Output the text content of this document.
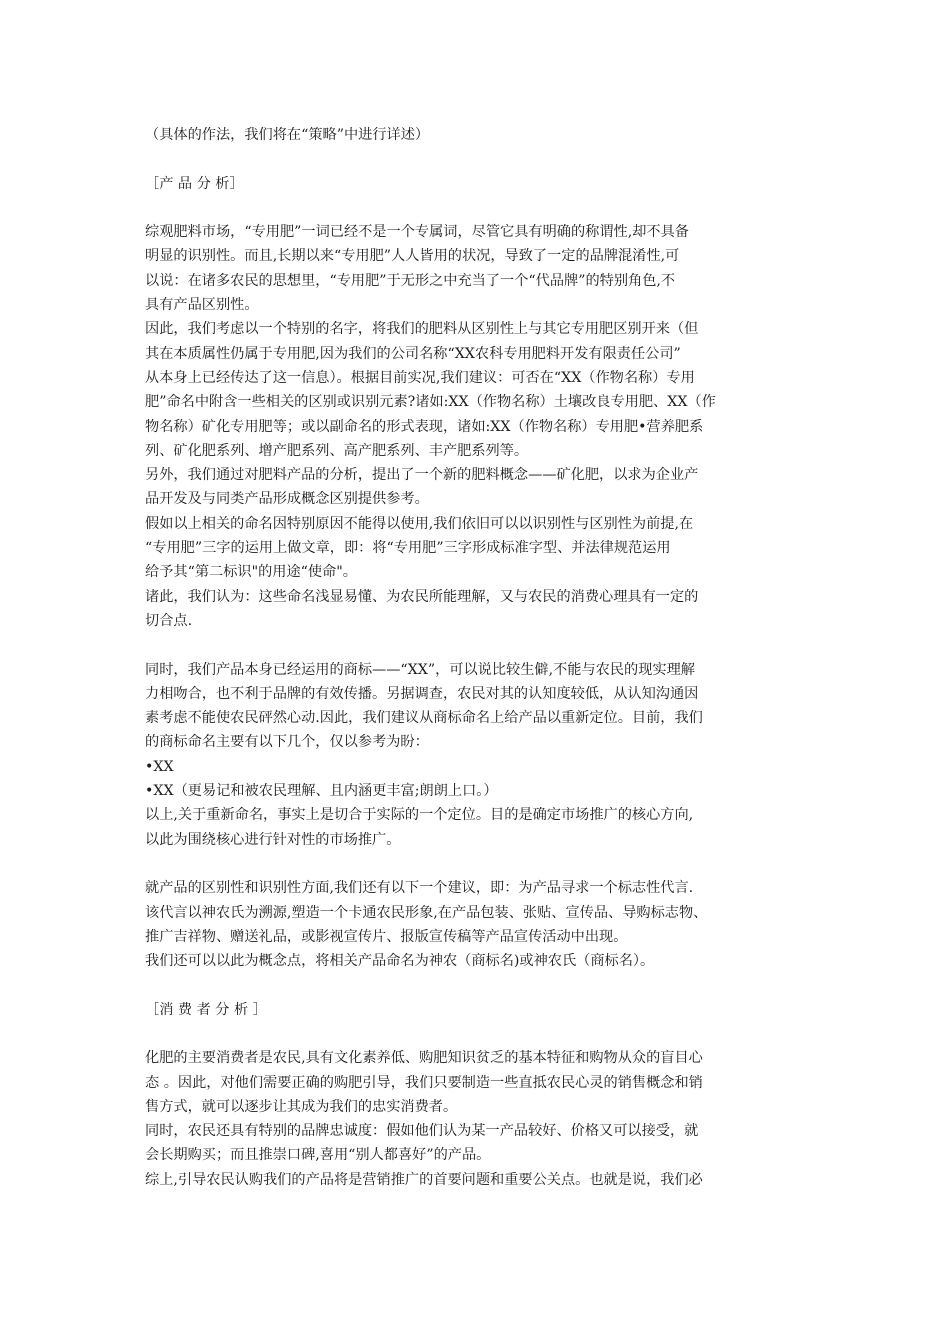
（具体的作法，我们将在“策略”中进行详述）
［产 品 分 析］
综观肥料市场，“专用肥”一词已经不是一个专属词，尽管它具有明确的称谓性,却不具备
明显的识别性。而且,长期以来“专用肥”人人皆用的状况，导致了一定的品牌混淆性,可
以说：在诸多农民的思想里，“专用肥”于无形之中充当了一个“代品牌”的特别角色,不
具有产品区别性。
因此，我们考虑以一个特别的名字，将我们的肥料从区别性上与其它专用肥区别开来（但
其在本质属性仍属于专用肥,因为我们的公司名称“XX农科专用肥料开发有限责任公司”
从本身上已经传达了这一信息）。根据目前实况,我们建议：可否在“XX（作物名称）专用
肥”命名中附含一些相关的区别或识别元素?诸如:XX（作物名称）土壤改良专用肥、XX（作
物名称）矿化专用肥等；或以副命名的形式表现，诸如:XX（作物名称）专用肥•营养肥系
列、矿化肥系列、增产肥系列、高产肥系列、丰产肥系列等。
另外，我们通过对肥料产品的分析，提出了一个新的肥料概念——矿化肥，以求为企业产
品开发及与同类产品形成概念区别提供参考。
假如以上相关的命名因特别原因不能得以使用,我们依旧可以以识别性与区别性为前提,在
“专用肥”三字的运用上做文章，即：将“专用肥”三字形成标准字型、并法律规范运用
给予其“第二标识"的用途“使命"。
诸此，我们认为：这些命名浅显易懂、为农民所能理解，又与农民的消费心理具有一定的
切合点.
同时，我们产品本身已经运用的商标——“XX”，可以说比较生僻,不能与农民的现实理解
力相吻合，也不利于品牌的有效传播。另据调查，农民对其的认知度较低，从认知沟通因
素考虑不能使农民砰然心动.因此，我们建议从商标命名上给产品以重新定位。目前，我们
的商标命名主要有以下几个，仅以参考为盼：
•XX
•XX（更易记和被农民理解、且内涵更丰富;朗朗上口。）
以上,关于重新命名，事实上是切合于实际的一个定位。目的是确定市场推广的核心方向,
以此为围绕核心进行针对性的市场推广。
就产品的区别性和识别性方面,我们还有以下一个建议，即：为产品寻求一个标志性代言.
该代言以神农氏为溯源,塑造一个卡通农民形象,在产品包装、张贴、宣传品、导购标志物、
推广吉祥物、赠送礼品，或影视宣传片、报版宣传稿等产品宣传活动中出现。
我们还可以以此为概念点，将相关产品命名为神农（商标名)或神农氏（商标名）。
［消 费 者 分 析 ］
化肥的主要消费者是农民,具有文化素养低、购肥知识贫乏的基本特征和购物从众的盲目心
态 。因此，对他们需要正确的购肥引导，我们只要制造一些直抵农民心灵的销售概念和销
售方式，就可以逐步让其成为我们的忠实消费者。
同时，农民还具有特别的品牌忠诚度：假如他们认为某一产品较好、价格又可以接受，就
会长期购买；而且推崇口碑,喜用“别人都喜好”的产品。
综上,引导农民认购我们的产品将是营销推广的首要问题和重要公关点。也就是说，我们必
